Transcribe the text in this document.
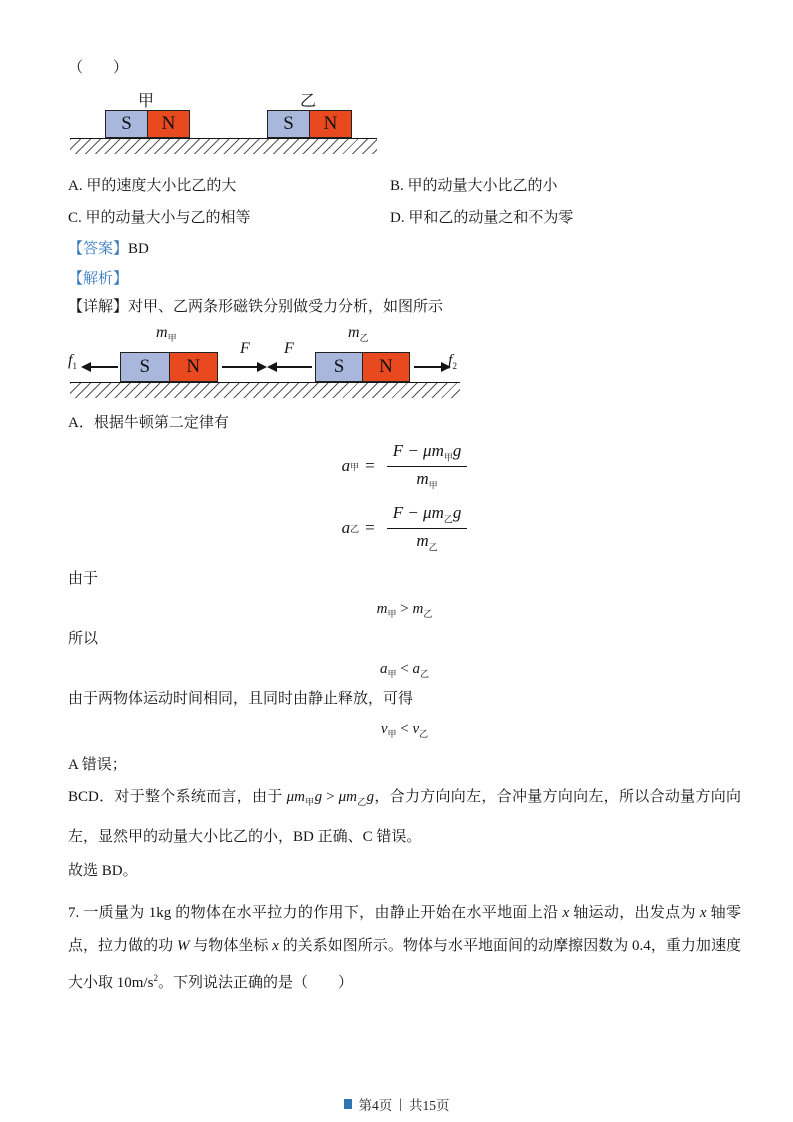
（　　）
甲	乙
S	N	S	N
A. 甲的速度大小比乙的大	B. 甲的动量大小比乙的小
C. 甲的动量大小与乙的相等	D. 甲和乙的动量之和不为零
【答案】BD
【解析】
【详解】对甲、乙两条形磁铁分别做受力分析，如图所示
$m_甲$	$m_乙$
$f_1$
F F
$f_2$
S	N	S	N
A．根据牛顿第二定律有
a 甲 = $\frac{F - \mu m_甲g}{m_甲}$
a 乙 = $\frac{F - \mu m_乙g}{m_乙}$
由于
$m_甲 > m_乙$
所以
$a_甲 < a_乙$
由于两物体运动时间相同，且同时由静止释放，可得
$v_甲 < v_乙$
A 错误；

BCD．对于整个系统而言，由于 $\mu m_甲g > \mu m_乙g$，合力方向向左，合冲量方向向左，所以合动量方向向左，显然甲的动量大小比乙的小，BD 正确、C 错误。

故选 BD。

7. 一质量为 1kg 的物体在水平拉力的作用下，由静止开始在水平地面上沿 x 轴运动，出发点为 x 轴零点，拉力做的功 W 与物体坐标 x 的关系如图所示。物体与水平地面间的动摩擦因数为 0.4，重力加速度大小取 $10m/s^2$。下列说法正确的是（　　）

第4页 | 共15页
